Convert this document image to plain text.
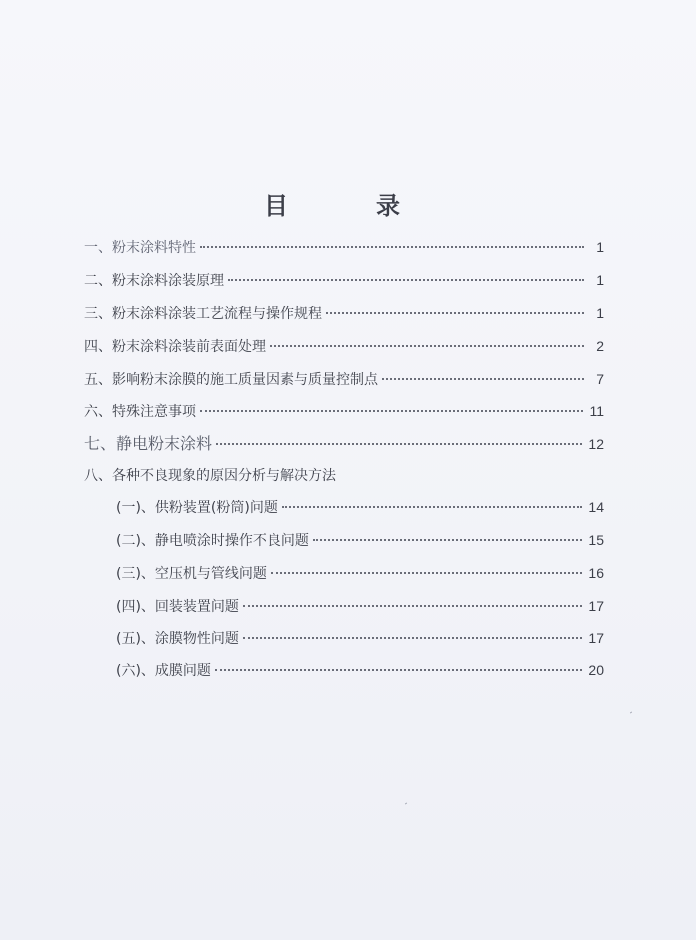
目　录
一、粉末涂料特性	1
二、粉末涂料涂装原理	1
三、粉末涂料涂装工艺流程与操作规程	1
四、粉末涂料涂装前表面处理	2
五、影响粉末涂膜的施工质量因素与质量控制点	7
六、特殊注意事项	11
七、静电粉末涂料	12
八、各种不良现象的原因分析与解决方法
(一)、供粉装置(粉筒)问题	14
(二)、静电喷涂时操作不良问题	15
(三)、空压机与管线问题	16
(四)、回装装置问题	17
(五)、涂膜物性问题	17
(六)、成膜问题	20
